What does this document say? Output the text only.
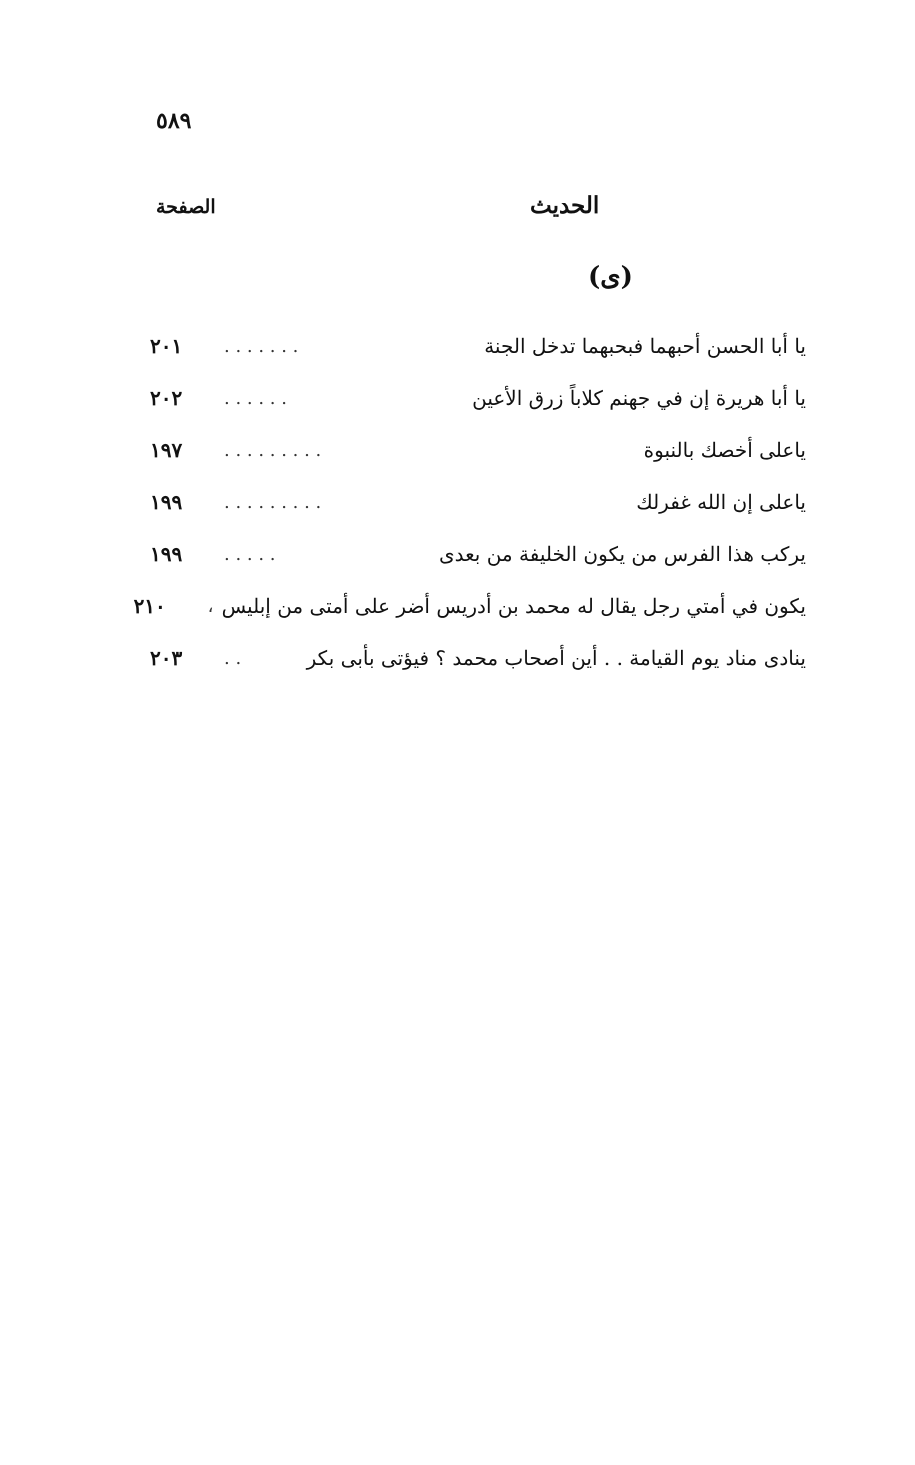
٥٨٩
الصفحة	الحديث
(ى)
يا أبا الحسن أحبهما فبحبهما تدخل الجنة
. . . . . . .
٢٠١
يا أبا هريرة إن في جهنم كلاباً زرق الأعين
. . . . . .
٢٠٢
ياعلى أخصك بالنبوة
. . . . . . . . .
١٩٧
ياعلى إن الله غفرلك
. . . . . . . . .
١٩٩
يركب هذا الفرس من يكون الخليفة من بعدى
. . . . .
١٩٩
يكون في أمتي رجل يقال له محمد بن أدريس أضر على أمتى من إبليس
،
٢١٠
ينادى مناد يوم القيامة . . أين أصحاب محمد ؟ فيؤتى بأبى بكر
. .
٢٠٣
